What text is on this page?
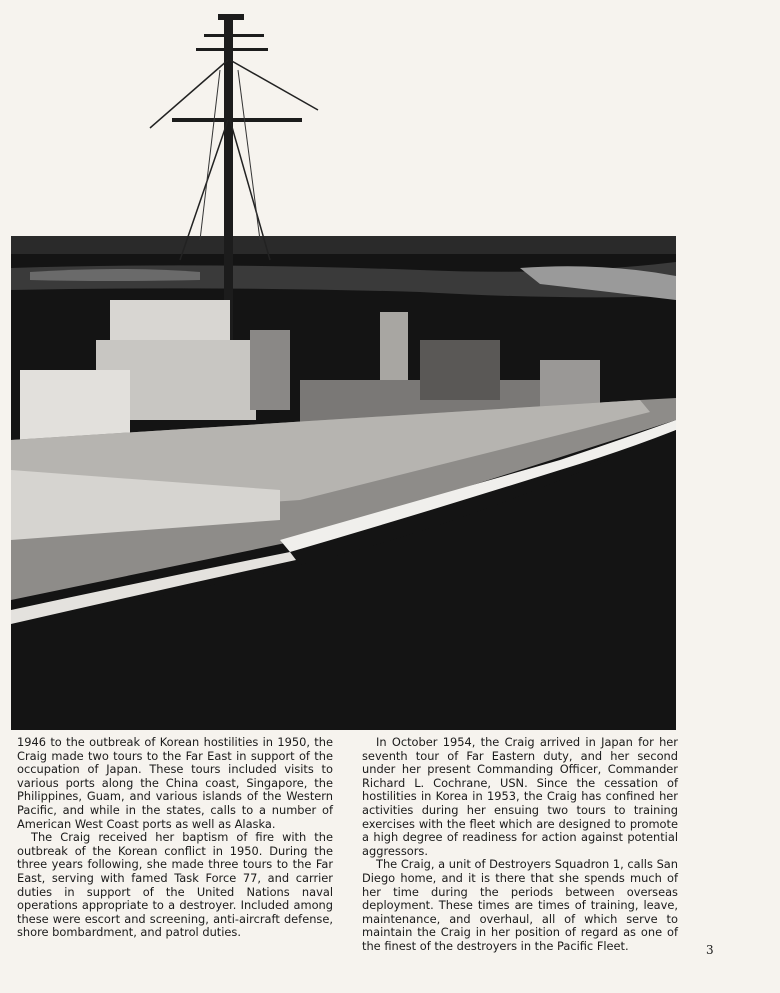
1946 to the outbreak of Korean hostilities in 1950, the Craig made two tours to the Far East in support of the occupation of Japan. These tours included visits to various ports along the China coast, Singapore, the Philippines, Guam, and various islands of the Western Pacific, and while in the states, calls to a number of American West Coast ports as well as Alaska.

The Craig received her baptism of fire with the outbreak of the Korean conflict in 1950. During the three years following, she made three tours to the Far East, serving with famed Task Force 77, and carrier duties in support of the United Nations naval operations appropriate to a destroyer. Included among these were escort and screening, anti-aircraft defense, shore bombardment, and patrol duties.

In October 1954, the Craig arrived in Japan for her seventh tour of Far Eastern duty, and her second under her present Commanding Officer, Commander Richard L. Cochrane, USN. Since the cessation of hostilities in Korea in 1953, the Craig has confined her activities during her ensuing two tours to training exercises with the fleet which are designed to promote a high degree of readiness for action against potential aggressors.

The Craig, a unit of Destroyers Squadron 1, calls San Diego home, and it is there that she spends much of her time during the periods between overseas deployment. These times are times of training, leave, maintenance, and overhaul, all of which serve to maintain the Craig in her position of regard as one of the finest of the destroyers in the Pacific Fleet.	3
